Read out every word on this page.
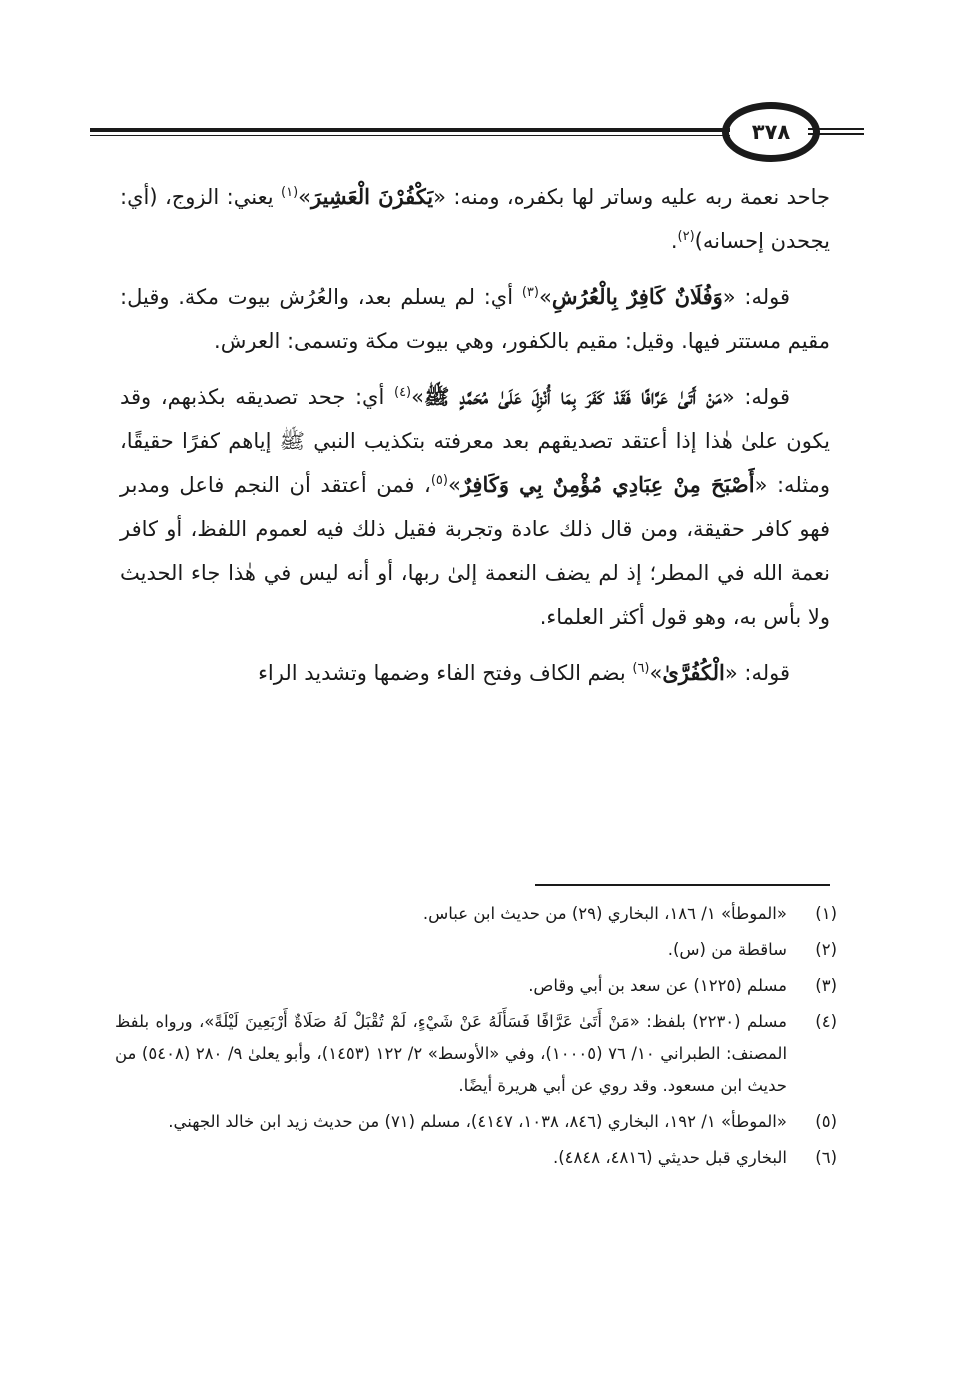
٣٧٨

جاحد نعمة ربه عليه وساتر لها بكفره، ومنه: «يَكْفُرْنَ الْعَشِيرَ»$^{(١)}$ يعني: الزوج، (أي: يجحدن إحسانه)$^{(٢)}$.

قوله: «وَفُلَانٌ كَافِرٌ بِالْعُرُشِ»$^{(٣)}$ أي: لم يسلم بعد، والعُرُش بيوت مكة. وقيل: مقيم مستتر فيها. وقيل: مقيم بالكفور، وهي بيوت مكة وتسمى: العرش.

قوله: «مَنْ أَتَىٰ عَرَّافًا فَقَدْ كَفَرَ بِمَا أُنْزِلَ عَلَىٰ مُحَمَّدٍ ﷺ»$^{(٤)}$ أي: جحد تصديقه بكذبهم، وقد يكون علىٰ هٰذا إذا أعتقد تصديقهم بعد معرفته بتكذيب النبي ﷺ إياهم كفرًا حقيقًا، ومثله: «أَصْبَحَ مِنْ عِبَادِي مُؤْمِنٌ بِي وَكَافِرٌ»$^{(٥)}$، فمن أعتقد أن النجم فاعل ومدبر فهو كافر حقيقة، ومن قال ذلك عادة وتجربة فقيل ذلك فيه لعموم اللفظ، أو كافر نعمة الله في المطر؛ إذ لم يضف النعمة إلىٰ ربها، أو أنه ليس في هٰذا جاء الحديث ولا بأس به، وهو قول أكثر العلماء.

قوله: «الْكُفُرَّىٰ»$^{(٦)}$ بضم الكاف وفتح الفاء وضمها وتشديد الراء

(١)
«الموطأ» ١/ ١٨٦، البخاري (٢٩) من حديث ابن عباس.
(٢)
ساقطة من (س).
(٣)
مسلم (١٢٢٥) عن سعد بن أبي وقاص.
(٤)
مسلم (٢٢٣٠) بلفظ: «مَنْ أَتَىٰ عَرَّافًا فَسَأَلَهُ عَنْ شَيْءٍ، لَمْ تُقْبَلْ لَهُ صَلَاةٌ أَرْبَعِينَ لَيْلَةً»، ورواه بلفظ المصنف: الطبراني ١٠/ ٧٦ (١٠٠٠٥)، وفي «الأوسط» ٢/ ١٢٢ (١٤٥٣)، وأبو يعلىٰ ٩/ ٢٨٠ (٥٤٠٨) من حديث ابن مسعود. وقد روي عن أبي هريرة أيضًا.
(٥)
«الموطأ» ١/ ١٩٢، البخاري (٨٤٦، ١٠٣٨، ٤١٤٧)، مسلم (٧١) من حديث زيد ابن خالد الجهني.
(٦)
البخاري قبل حديثي (٤٨١٦، ٤٨٤٨).
